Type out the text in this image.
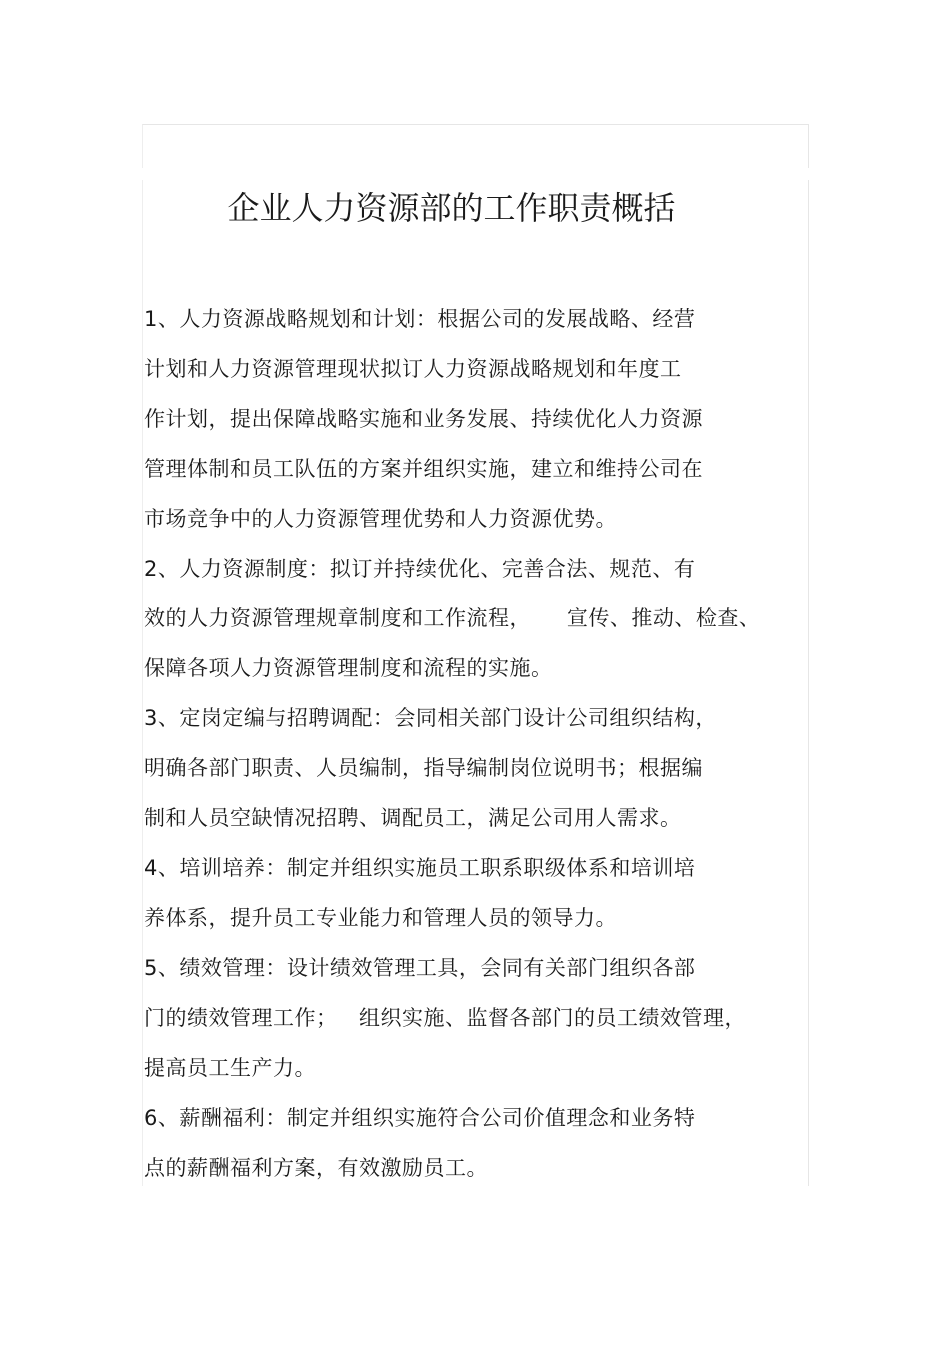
企业人力资源部的工作职责概括
1、人力资源战略规划和计划：根据公司的发展战略、经营
计划和人力资源管理现状拟订人力资源战略规划和年度工
作计划，提出保障战略实施和业务发展、持续优化人力资源
管理体制和员工队伍的方案并组织实施，建立和维持公司在
市场竞争中的人力资源管理优势和人力资源优势。
2、人力资源制度：拟订并持续优化、完善合法、规范、有
效的人力资源管理规章制度和工作流程，     宣传、推动、检查、
保障各项人力资源管理制度和流程的实施。
3、定岗定编与招聘调配：会同相关部门设计公司组织结构，
明确各部门职责、人员编制，指导编制岗位说明书；根据编
制和人员空缺情况招聘、调配员工，满足公司用人需求。
4、培训培养：制定并组织实施员工职系职级体系和培训培
养体系，提升员工专业能力和管理人员的领导力。
5、绩效管理：设计绩效管理工具，会同有关部门组织各部
门的绩效管理工作；   组织实施、监督各部门的员工绩效管理，
提高员工生产力。
6、薪酬福利：制定并组织实施符合公司价值理念和业务特
点的薪酬福利方案，有效激励员工。
